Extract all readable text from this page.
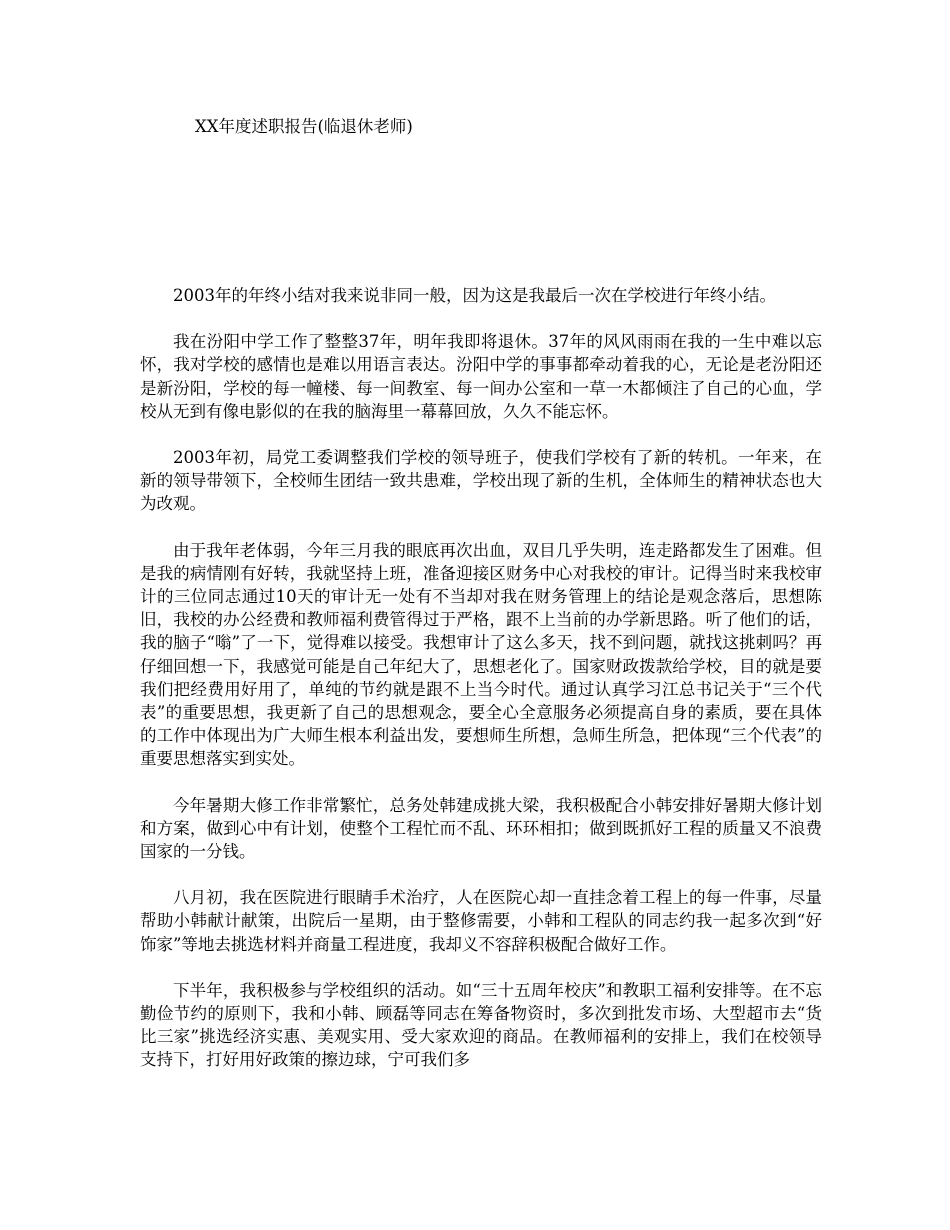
XX年度述职报告(临退休老师)

2003年的年终小结对我来说非同一般，因为这是我最后一次在学校进行年终小结。

我在汾阳中学工作了整整37年，明年我即将退休。37年的风风雨雨在我的一生中难以忘怀，我对学校的感情也是难以用语言表达。汾阳中学的事事都牵动着我的心，无论是老汾阳还是新汾阳，学校的每一幢楼、每一间教室、每一间办公室和一草一木都倾注了自己的心血，学校从无到有像电影似的在我的脑海里一幕幕回放，久久不能忘怀。

2003年初，局党工委调整我们学校的领导班子，使我们学校有了新的转机。一年来，在新的领导带领下，全校师生团结一致共患难，学校出现了新的生机，全体师生的精神状态也大为改观。

由于我年老体弱，今年三月我的眼底再次出血，双目几乎失明，连走路都发生了困难。但是我的病情刚有好转，我就坚持上班，准备迎接区财务中心对我校的审计。记得当时来我校审计的三位同志通过10天的审计无一处有不当却对我在财务管理上的结论是观念落后，思想陈旧，我校的办公经费和教师福利费管得过于严格，跟不上当前的办学新思路。听了他们的话，我的脑子“嗡”了一下，觉得难以接受。我想审计了这么多天，找不到问题，就找这挑刺吗？再仔细回想一下，我感觉可能是自己年纪大了，思想老化了。国家财政拨款给学校，目的就是要我们把经费用好用了，单纯的节约就是跟不上当今时代。通过认真学习江总书记关于“三个代表”的重要思想，我更新了自己的思想观念，要全心全意服务必须提高自身的素质，要在具体的工作中体现出为广大师生根本利益出发，要想师生所想，急师生所急，把体现“三个代表”的重要思想落实到实处。

今年暑期大修工作非常繁忙，总务处韩建成挑大梁，我积极配合小韩安排好暑期大修计划和方案，做到心中有计划，使整个工程忙而不乱、环环相扣；做到既抓好工程的质量又不浪费国家的一分钱。

八月初，我在医院进行眼睛手术治疗，人在医院心却一直挂念着工程上的每一件事，尽量帮助小韩献计献策，出院后一星期，由于整修需要，小韩和工程队的同志约我一起多次到“好饰家”等地去挑选材料并商量工程进度，我却义不容辞积极配合做好工作。

下半年，我积极参与学校组织的活动。如“三十五周年校庆”和教职工福利安排等。在不忘勤俭节约的原则下，我和小韩、顾磊等同志在筹备物资时，多次到批发市场、大型超市去“货比三家”挑选经济实惠、美观实用、受大家欢迎的商品。在教师福利的安排上，我们在校领导支持下，打好用好政策的擦边球，宁可我们多
